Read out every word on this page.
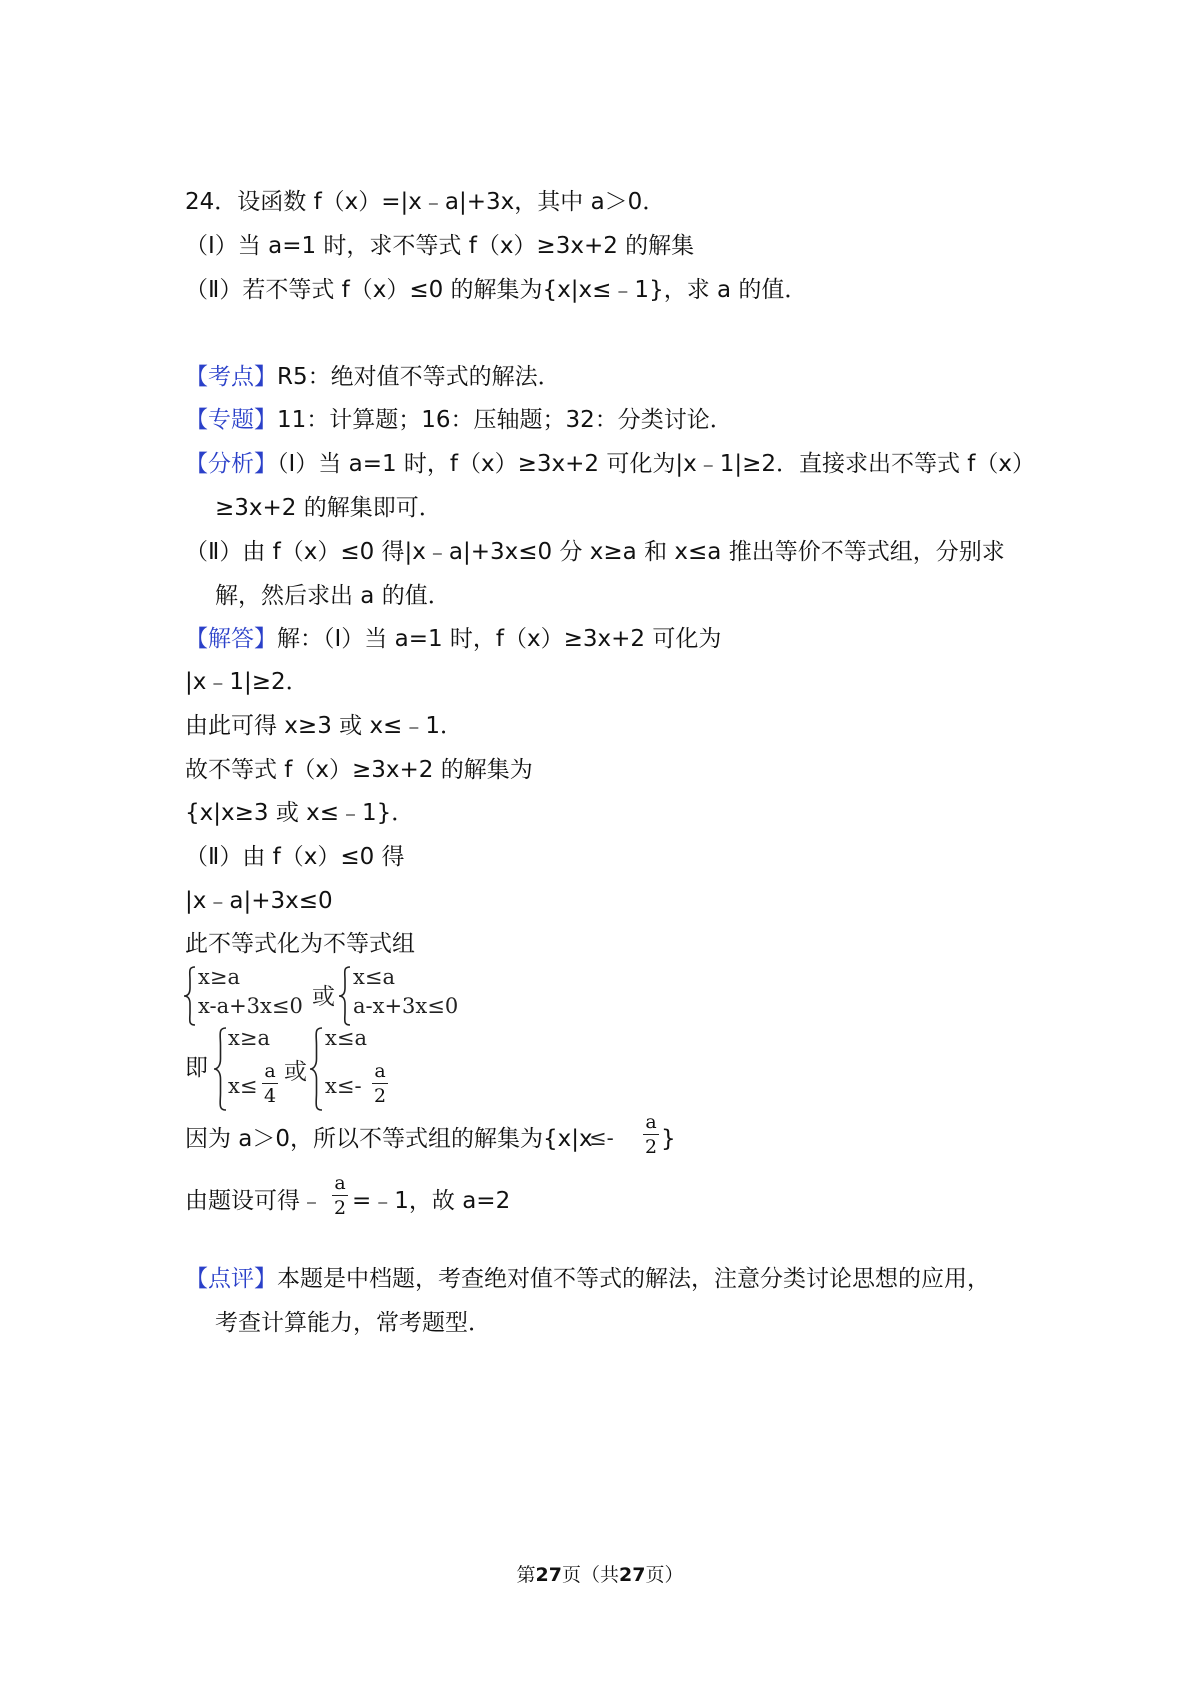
24．设函数 f（x）=|x﹣a|+3x，其中 a＞0．
（Ⅰ）当 a=1 时，求不等式 f（x）≥3x+2 的解集
（Ⅱ）若不等式 f（x）≤0 的解集为{x|x≤﹣1}，求 a 的值．
【考点】R5：绝对值不等式的解法．
【专题】11：计算题；16：压轴题；32：分类讨论．
【分析】（Ⅰ）当 a=1 时，f（x）≥3x+2 可化为|x﹣1|≥2．直接求出不等式 f（x）
≥3x+2 的解集即可．
（Ⅱ）由 f（x）≤0 得|x﹣a|+3x≤0 分 x≥a 和 x≤a 推出等价不等式组，分别求
解，然后求出 a 的值．
【解答】解：（Ⅰ）当 a=1 时，f（x）≥3x+2 可化为
|x﹣1|≥2．
由此可得 x≥3 或 x≤﹣1．
故不等式 f（x）≥3x+2 的解集为
{x|x≥3 或 x≤﹣1}．
（Ⅱ）由 f（x）≤0 得
|x﹣a|+3x≤0
此不等式化为不等式组
x≥a
x-a+3x≤0 或
x≤a
a-x+3x≤0
即
x≥a
x≤
a
4
或
x≤a
x≤-
a
2
因为 a＞0，所以不等式组的解集为{x|x
≤-
a
2 }
由题设可得﹣
a
2 =﹣1，故 a=2
【点评】本题是中档题，考查绝对值不等式的解法，注意分类讨论思想的应用，
考查计算能力，常考题型．
第27页（共27页）
